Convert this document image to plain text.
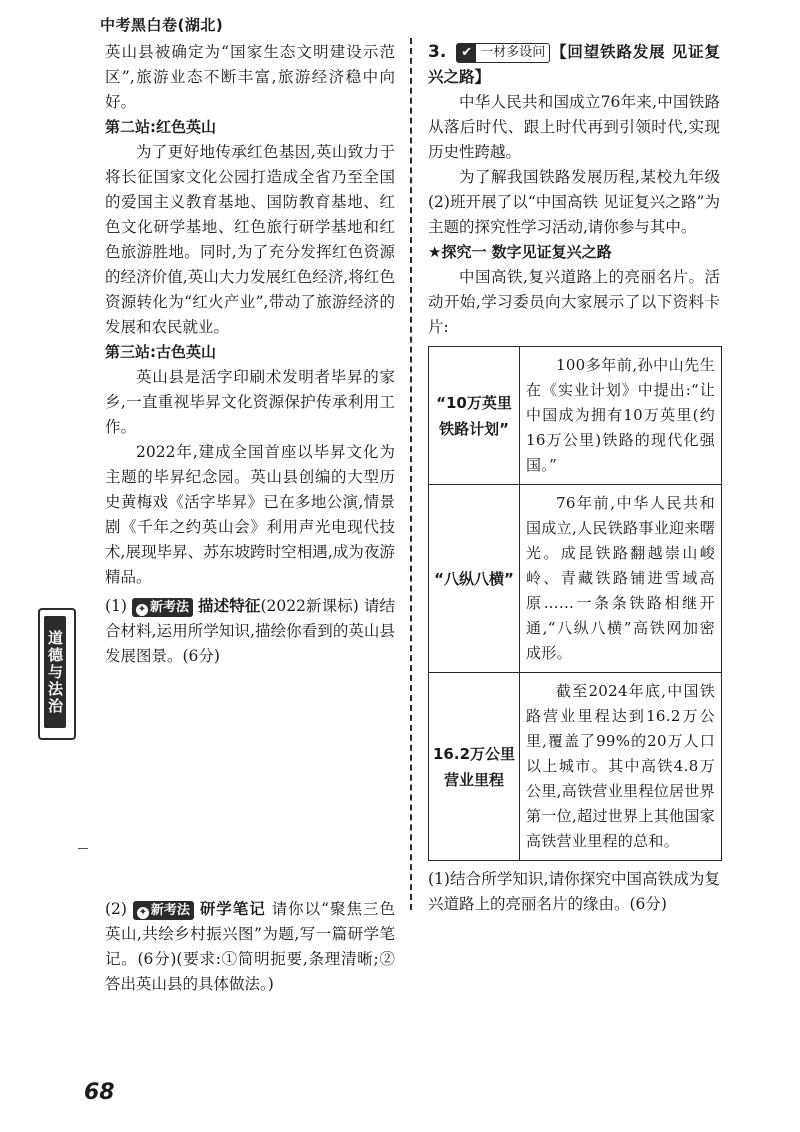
中考黑白卷(湖北)

英山县被确定为“国家生态文明建设示范区”,旅游业态不断丰富,旅游经济稳中向好。

第二站:红色英山

为了更好地传承红色基因,英山致力于将长征国家文化公园打造成全省乃至全国的爱国主义教育基地、国防教育基地、红色文化研学基地、红色旅行研学基地和红色旅游胜地。同时,为了充分发挥红色资源的经济价值,英山大力发展红色经济,将红色资源转化为“红火产业”,带动了旅游经济的发展和农民就业。

第三站:古色英山

英山县是活字印刷术发明者毕昇的家乡,一直重视毕昇文化资源保护传承利用工作。

2022年,建成全国首座以毕昇文化为主题的毕昇纪念园。英山县创编的大型历史黄梅戏《活字毕昇》已在多地公演,情景剧《千年之约英山会》利用声光电现代技术,展现毕昇、苏东坡跨时空相遇,成为夜游精品。

(1) ✦ 新考法 描述特征(2022新课标) 请结合材料,运用所学知识,描绘你看到的英山县发展图景。(6分)

(2) ✦ 新考法 研学笔记 请你以“聚焦三色英山,共绘乡村振兴图”为题,写一篇研学笔记。(6分)(要求:①简明扼要,条理清晰;②答出英山县的具体做法。)

3.	✔ 一材多设问 【回望铁路发展 见证复兴之路】

中华人民共和国成立76年来,中国铁路从落后时代、跟上时代再到引领时代,实现历史性跨越。

为了解我国铁路发展历程,某校九年级(2)班开展了以“中国高铁 见证复兴之路”为主题的探究性学习活动,请你参与其中。

★探究一 数字见证复兴之路

中国高铁,复兴道路上的亮丽名片。活动开始,学习委员向大家展示了以下资料卡片:

“10万英里铁路计划”	100多年前,孙中山先生在《实业计划》中提出:“让中国成为拥有10万英里(约16万公里)铁路的现代化强国。”
“八纵八横”	76年前,中华人民共和国成立,人民铁路事业迎来曙光。成昆铁路翻越崇山峻岭、青藏铁路铺进雪域高原……一条条铁路相继开通,“八纵八横”高铁网加密成形。
16.2万公里营业里程	截至2024年底,中国铁路营业里程达到16.2万公里,覆盖了99%的20万人口以上城市。其中高铁4.8万公里,高铁营业里程位居世界第一位,超过世界上其他国家高铁营业里程的总和。

(1)结合所学知识,请你探究中国高铁成为复兴道路上的亮丽名片的缘由。(6分)

道德与法治
68
